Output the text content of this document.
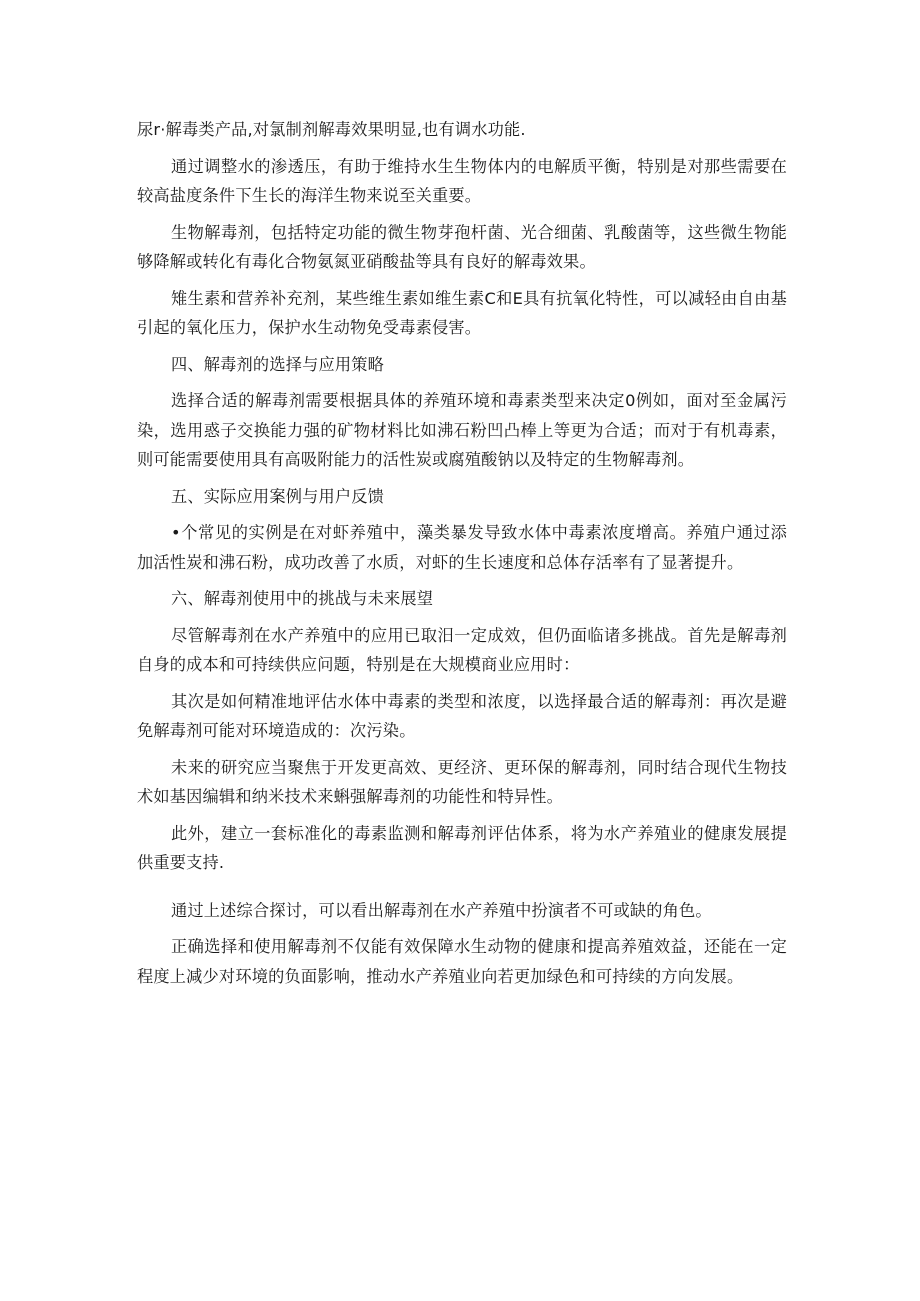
尿r·解毒类产品,对氯制剂解毒效果明显,也有调水功能.

通过调整水的渗透压，有助于维持水生生物体内的电解质平衡，特别是对那些需要在较高盐度条件下生长的海洋生物来说至关重要。

生物解毒剂，包括特定功能的微生物芽孢杆菌、光合细菌、乳酸菌等，这些微生物能够降解或转化有毒化合物氨氮亚硝酸盐等具有良好的解毒效果。

雉生素和营养补充剂，某些维生素如维生素C和E具有抗氧化特性，可以减轻由自由基引起的氧化压力，保护水生动物免受毒素侵害。

四、解毒剂的选择与应用策略

选择合适的解毒剂需要根据具体的养殖环境和毒素类型来决定0例如，面对至金属污染，选用惑子交换能力强的矿物材料比如沸石粉凹凸棒上等更为合适；而对于有机毒素，则可能需要使用具有高吸附能力的活性炭或腐殖酸钠以及特定的生物解毒剂。

五、实际应用案例与用户反馈

•个常见的实例是在对虾养殖中，藻类暴发导致水体中毒素浓度增高。养殖户通过添加活性炭和沸石粉，成功改善了水质，对虾的生长速度和总体存活率有了显著提升。

六、解毒剂使用中的挑战与未来展望

尽管解毒剂在水产养殖中的应用已取汨一定成效，但仍面临诸多挑战。首先是解毒剂自身的成本和可持续供应问题，特别是在大规模商业应用时：

其次是如何精准地评估水体中毒素的类型和浓度，以选择最合适的解毒剂：再次是避免解毒剂可能对环境造成的：次污染。

未来的研究应当聚焦于开发更高效、更经济、更环保的解毒剂，同时结合现代生物技术如基因编辑和纳米技术来蝌强解毒剂的功能性和特异性。

此外，建立一套标准化的毒素监测和解毒剂评估体系，将为水产养殖业的健康发展提供重要支持.

通过上述综合探讨，可以看出解毒剂在水产养殖中扮演者不可或缺的角色。

正确选择和使用解毒剂不仅能有效保障水生动物的健康和提高养殖效益，还能在一定程度上减少对环境的负面影响，推动水产养殖业向若更加绿色和可持续的方向发展。
